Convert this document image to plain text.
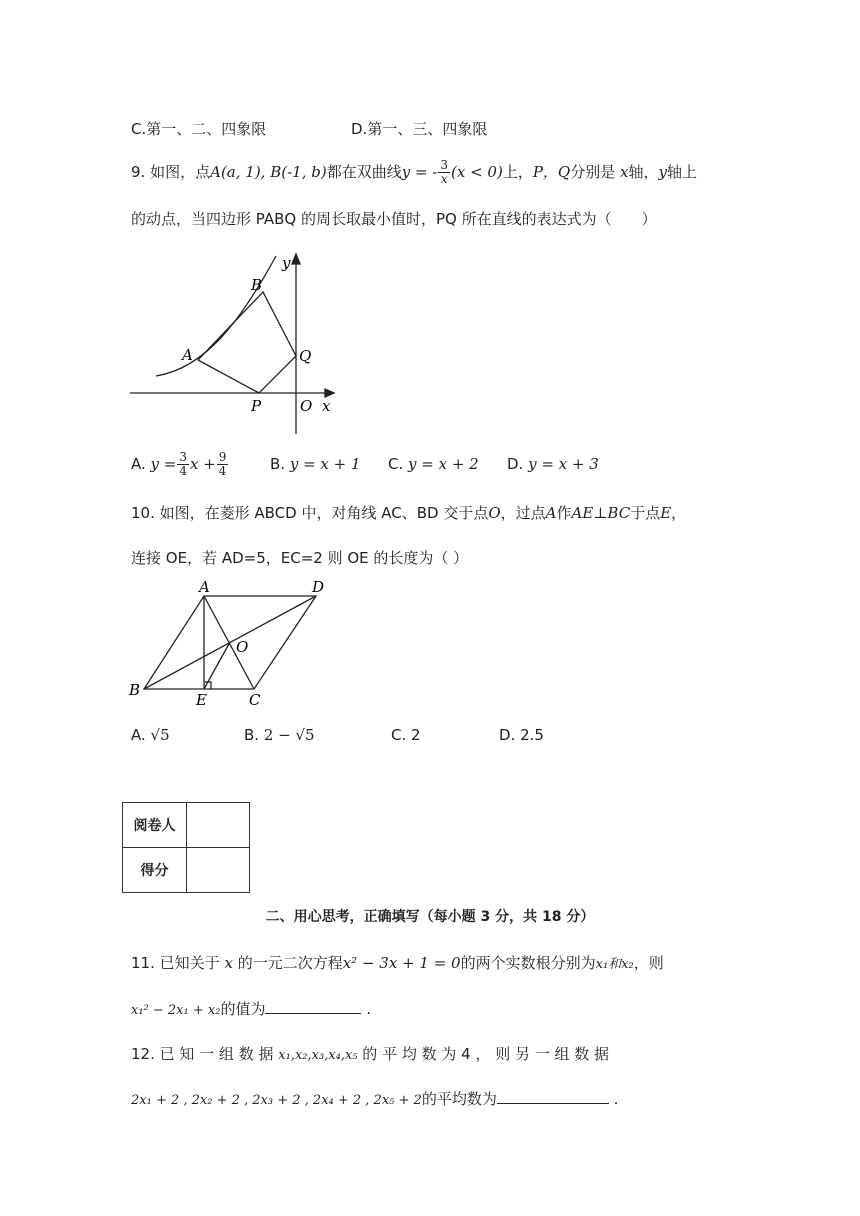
C.第一、二、四象限	D.第一、三、四象限
9. 如图，点A(a, 1), B(-1, b)都在双曲线y = - $\frac{3}{x} (x < 0)$上，P，Q分别是 x轴，y轴上
的动点，当四边形 PABQ 的周长取最小值时，PQ 所在直线的表达式为（　　）
y
B
A	Q
P	O x
A. $y = \frac{3}{4}$ $x + \frac{9}{4}$	B. y = x + 1 C. y = x + 2 D. y = x + 3
10. 如图，在菱形 ABCD 中，对角线 AC、BD 交于点O，过点A作AE⊥BC于点E，
连接 OE，若 AD=5，EC=2 则 OE 的长度为（ ）
A	D
O
B
E	C
A. √5	B. 2 − √5	C. 2	D. 2.5
阅卷人	
得分	
二、用心思考，正确填写（每小题 3 分，共 18 分）
11. 已知关于 x 的一元二次方程x² − 3x + 1 = 0的两个实数根分别为x₁和x₂，则
x₁² − 2x₁ + x₂的值为	.
12. 已 知 一 组 数 据 x₁,x₂,x₃,x₄,x₅ 的 平 均 数 为 4 ， 则 另 一 组 数 据
2x₁ + 2 , 2x₂ + 2 , 2x₃ + 2 , 2x₄ + 2 , 2x₅ + 2的平均数为	.
